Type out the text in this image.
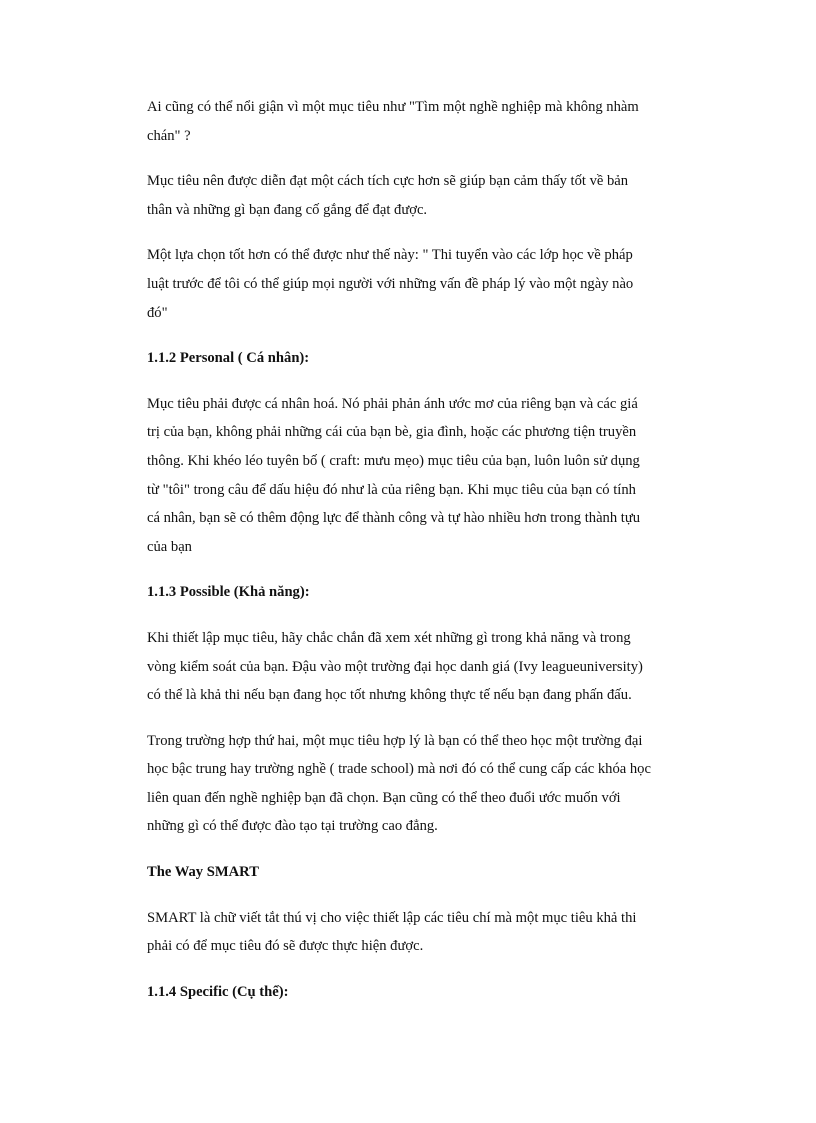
Ai cũng có thể nổi giận vì một mục tiêu như "Tìm một nghề nghiệp mà không nhàm
chán" ?

Mục tiêu nên được diễn đạt một cách tích cực hơn sẽ giúp bạn cảm thấy tốt về bản
thân và những gì bạn đang cố gắng để đạt được.

Một lựa chọn tốt hơn có thể được như thế này: " Thi tuyển vào các lớp học về pháp
luật trước để tôi có thể giúp mọi người với những vấn đề pháp lý vào một ngày nào
đó"

1.1.2 Personal ( Cá nhân):

Mục tiêu phải được cá nhân hoá. Nó phải phản ánh ước mơ của riêng bạn và các giá
trị của bạn, không phải những cái của bạn bè, gia đình, hoặc các phương tiện truyền
thông. Khi khéo léo tuyên bố ( craft: mưu mẹo) mục tiêu của bạn, luôn luôn sử dụng
từ "tôi" trong câu để dấu hiệu đó như là của riêng bạn. Khi mục tiêu của bạn có tính
cá nhân, bạn sẽ có thêm động lực để thành công và tự hào nhiều hơn trong thành tựu
của bạn

1.1.3 Possible (Khả năng):

Khi thiết lập mục tiêu, hãy chắc chắn đã xem xét những gì trong khả năng và trong
vòng kiểm soát của bạn. Đậu vào một trường đại học danh giá (Ivy leagueuniversity)
có thể là khả thi nếu bạn đang học tốt nhưng không thực tế nếu bạn đang phấn đấu.

Trong trường hợp thứ hai, một mục tiêu hợp lý là bạn có thể theo học một trường đại
học bậc trung hay trường nghề ( trade school) mà nơi đó có thể cung cấp các khóa học
liên quan đến nghề nghiệp bạn đã chọn. Bạn cũng có thể theo đuổi ước muốn với
những gì có thể được đào tạo tại trường cao đẳng.

The Way SMART

SMART là chữ viết tắt thú vị cho việc thiết lập các tiêu chí mà một mục tiêu khả thi
phải có để mục tiêu đó sẽ được thực hiện được.

1.1.4 Specific (Cụ thể):
